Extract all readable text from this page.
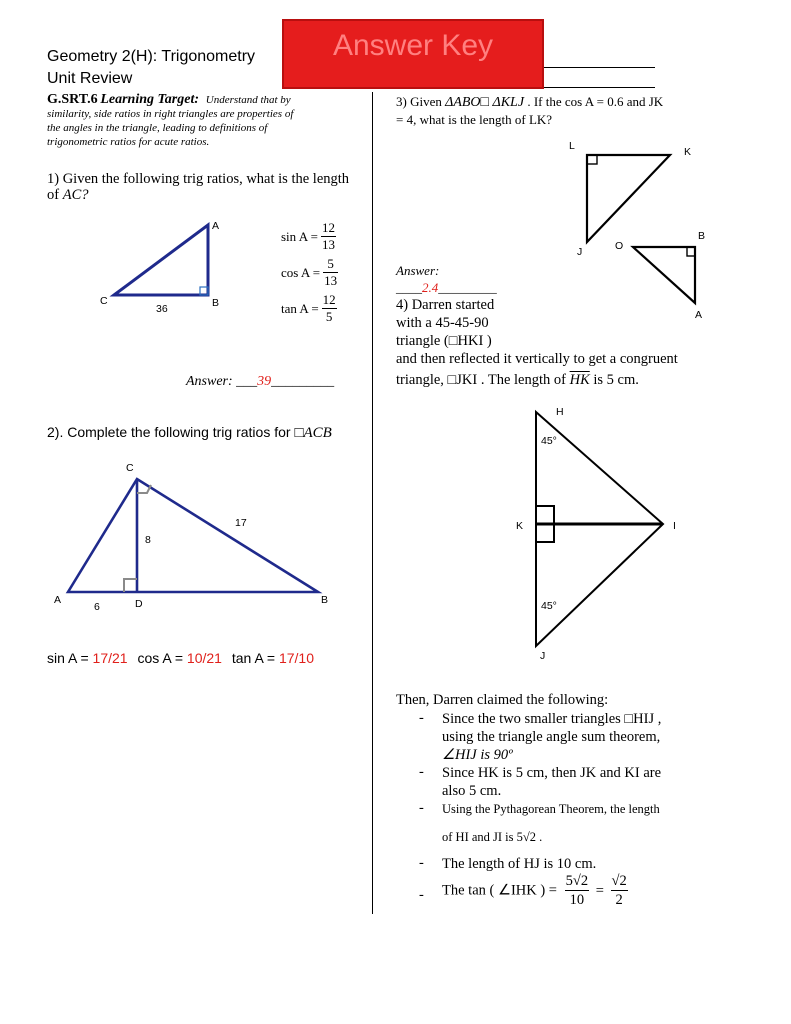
Geometry 2(H): Trigonometry
Unit Review
Answer Key
G.SRT.6 Learning Target: Understand that by
similarity, side ratios in right triangles are properties of
the angles in the triangle, leading to definitions of
trigonometric ratios for acute ratios.
1) Given the following trig ratios, what is the length
of AC?
A
B
C
36
$\sin A = \frac{12}{13}$
$\cos A = \frac{5}{13}$
$\tan A = \frac{12}{5}$
Answer: ___39_________
2). Complete the following trig ratios for □ACB
C
A	B
D
8
6
17
sin A = 17/21 cos A = 10/21 tan A = 17/10
3) Given ΔABO□ ΔKLJ . If the cos A = 0.6 and JK
= 4, what is the length of LK?
L	K
J	O
B
A
Answer:
____2.4_________
4) Darren started
with a 45-45-90
triangle (□HKI )
and then reflected it vertically to get a congruent
triangle, □JKI . The length of $\overline{HK}$ is 5 cm.
H
K	I
J
45°
45°
Then, Darren claimed the following:
- Since the two smaller triangles □HIJ ,
using the triangle angle sum theorem,
∠HIJ is 90º
- Since HK is 5 cm, then JK and KI are
also 5 cm.
- Using the Pythagorean Theorem, the length
of HI and JI is 5√2 .
- The length of HJ is 10 cm.
- The tan ( ∠IHK ) = $\frac{5√2}{10} = \frac{√2}{2}$
